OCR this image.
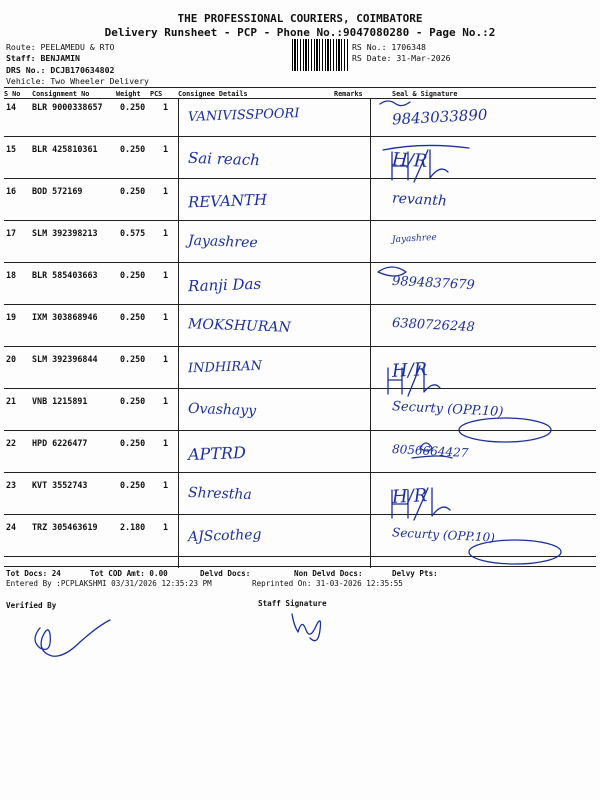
THE PROFESSIONAL COURIERS, COIMBATORE
Delivery Runsheet - PCP - Phone No.:9047080280 - Page No.:2
Route: PEELAMEDU & RTO
Staff: BENJAMIN
DRS No.: DCJB170634802
Vehicle: Two Wheeler Delivery
RS No.: 1706348
RS Date: 31-Mar-2026
S No Consignment No	Weight PCS Consignee Details	Remarks	Seal & Signature
14 BLR 9000338657 0.250 1 VANIVISSPOORI	9843033890
15 BLR 425810361	0.250 1 Sai reach	H/R
16 BOD 572169	0.250 1 REVANTH	revanth
17 SLM 392398213	0.575 1 Jayashree	Jayashree
18 BLR 585403663	0.250 1 Ranji Das	9894837679
19 IXM 303868946	0.250 1 MOKSHURAN	6380726248
20 SLM 392396844	0.250 1 INDHIRAN	H/R
21 VNB 1215891	0.250 1 Ovashayy	Securty (OPP.10)
22 HPD 6226477	0.250 1 APTRD	8056664427
23 KVT 3552743	0.250 1 Shrestha	H/R
24 TRZ 305463619	2.180 1 AJScotheg	Securty (OPP.10)
Tot Docs: 24	Tot COD Amt: 0.00	Delvd Docs:	Non Delvd Docs:	Delvy Pts:
Entered By :PCPLAKSHMI 03/31/2026 12:35:23 PM	Reprinted On: 31-03-2026 12:35:55
Verified By	Staff Signature
